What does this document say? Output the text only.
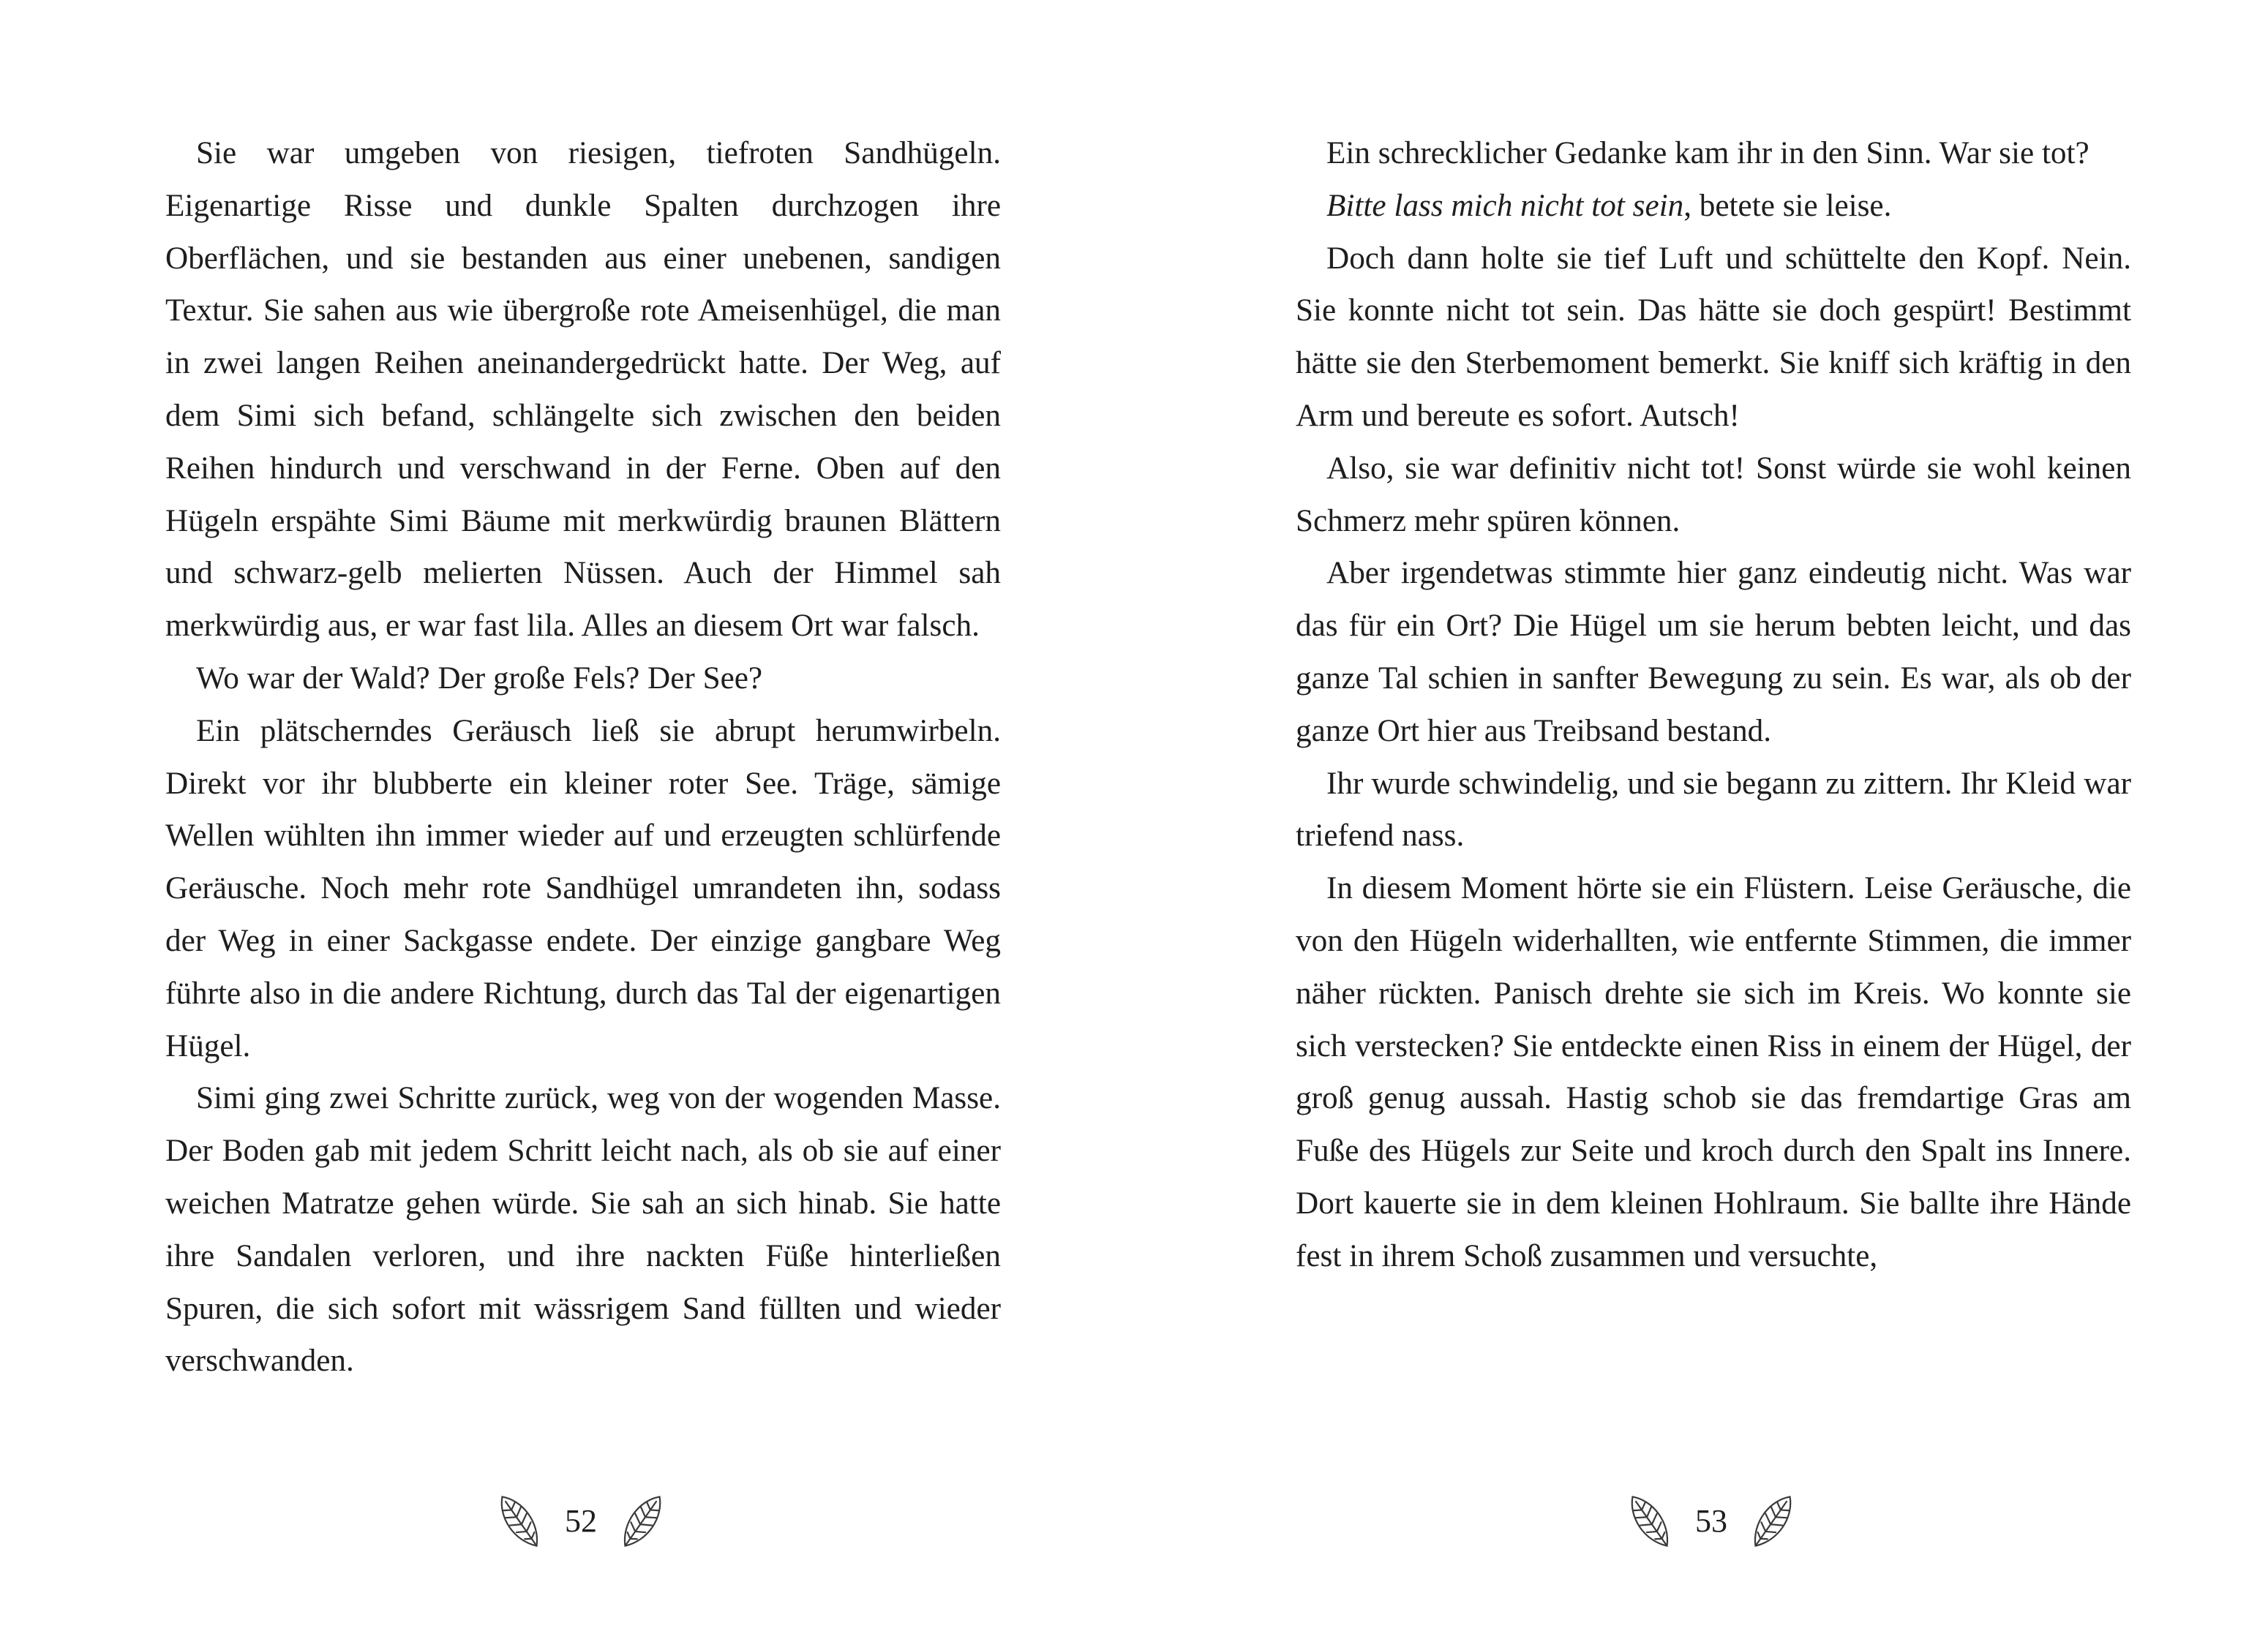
Sie war umgeben von riesigen, tiefroten Sandhügeln. Eigenartige Risse und dunkle Spalten durchzogen ihre Oberflächen, und sie bestanden aus einer unebenen, sandigen Textur. Sie sahen aus wie übergroße rote Ameisenhügel, die man in zwei langen Reihen aneinandergedrückt hatte. Der Weg, auf dem Simi sich befand, schlängelte sich zwischen den beiden Reihen hindurch und verschwand in der Ferne. Oben auf den Hügeln erspähte Simi Bäume mit merkwürdig braunen Blättern und schwarz-gelb melierten Nüssen. Auch der Himmel sah merkwürdig aus, er war fast lila. Alles an diesem Ort war falsch.

Wo war der Wald? Der große Fels? Der See?

Ein plätscherndes Geräusch ließ sie abrupt herumwirbeln. Direkt vor ihr blubberte ein kleiner roter See. Träge, sämige Wellen wühlten ihn immer wieder auf und erzeugten schlürfende Geräusche. Noch mehr rote Sandhügel umrandeten ihn, sodass der Weg in einer Sackgasse endete. Der einzige gangbare Weg führte also in die andere Richtung, durch das Tal der eigenartigen Hügel.

Simi ging zwei Schritte zurück, weg von der wogenden Masse. Der Boden gab mit jedem Schritt leicht nach, als ob sie auf einer weichen Matratze gehen würde. Sie sah an sich hinab. Sie hatte ihre Sandalen verloren, und ihre nackten Füße hinterließen Spuren, die sich sofort mit wässrigem Sand füllten und wieder verschwanden.

Ein schrecklicher Gedanke kam ihr in den Sinn. War sie tot?

Bitte lass mich nicht tot sein, betete sie leise.

Doch dann holte sie tief Luft und schüttelte den Kopf. Nein. Sie konnte nicht tot sein. Das hätte sie doch gespürt! Bestimmt hätte sie den Sterbemoment bemerkt. Sie kniff sich kräftig in den Arm und bereute es sofort. Autsch!

Also, sie war definitiv nicht tot! Sonst würde sie wohl keinen Schmerz mehr spüren können.

Aber irgendetwas stimmte hier ganz eindeutig nicht. Was war das für ein Ort? Die Hügel um sie herum bebten leicht, und das ganze Tal schien in sanfter Bewegung zu sein. Es war, als ob der ganze Ort hier aus Treibsand bestand.

Ihr wurde schwindelig, und sie begann zu zittern. Ihr Kleid war triefend nass.

In diesem Moment hörte sie ein Flüstern. Leise Geräusche, die von den Hügeln widerhallten, wie entfernte Stimmen, die immer näher rückten. Panisch drehte sie sich im Kreis. Wo konnte sie sich verstecken? Sie entdeckte einen Riss in einem der Hügel, der groß genug aussah. Hastig schob sie das fremdartige Gras am Fuße des Hügels zur Seite und kroch durch den Spalt ins Innere. Dort kauerte sie in dem kleinen Hohlraum. Sie ballte ihre Hände fest in ihrem Schoß zusammen und versuchte,

52	53
